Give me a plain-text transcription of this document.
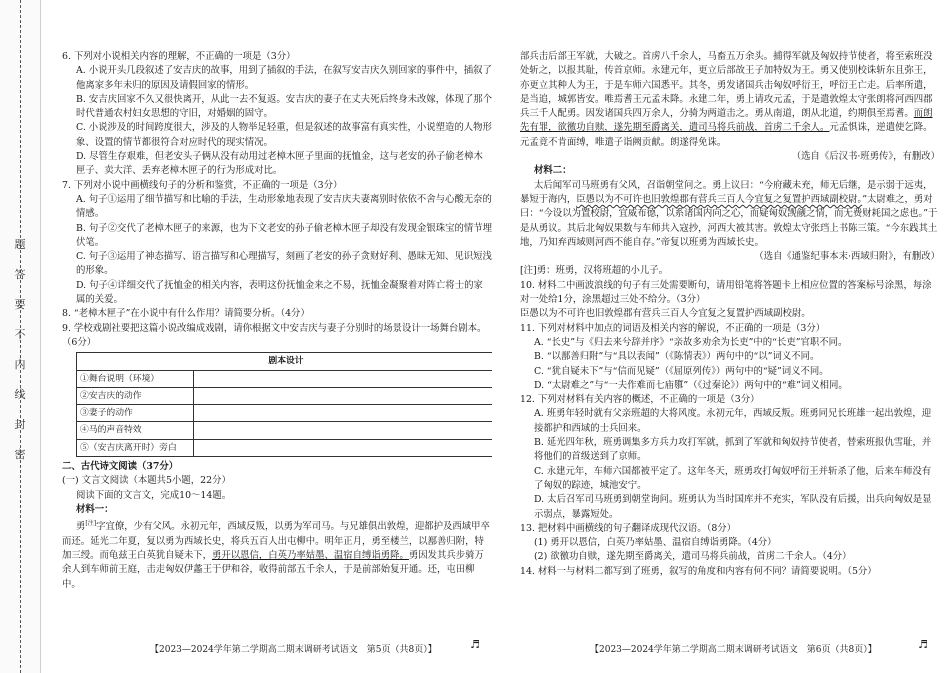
题
答
要
不
内
线
封
密

6. 下列对小说相关内容的理解，不正确的一项是（3分）

A. 小说开头几段叙述了安吉庆的故事，用到了插叙的手法，在叙写安吉庆久别回家的事件中，插叙了他离家多年未归的原因及请假回家的情形。

B. 安吉庆回家不久又很快离开，从此一去不复返。安吉庆的妻子在丈夫死后终身未改嫁，体现了那个时代普通农村妇女思想的守旧，对婚姻的固守。

C. 小说涉及的时间跨度很大，涉及的人物举足轻重，但是叙述的故事富有真实性，小说塑造的人物形象、设置的情节都很符合对应时代的现实情况。

D. 尽管生存艰难，但老安头子俩从没有动用过老樟木匣子里面的抚恤金，这与老安的孙子偷老樟木匣子、卖大洋、丢弃老樟木匣子的行为形成对比。

7. 下列对小说中画横线句子的分析和鉴赏，不正确的一项是（3分）

A. 句子①运用了细节描写和比喻的手法，生动形象地表现了安吉庆夫妻离别时依依不舍与心酸无奈的情感。

B. 句子②交代了老樟木匣子的来源，也为下文老安的孙子偷老樟木匣子却没有发现金银珠宝的情节埋伏笔。

C. 句子③运用了神态描写、语言描写和心理描写，刻画了老安的孙子贪财好利、愚昧无知、见识短浅的形象。

D. 句子④详细交代了抚恤金的相关内容，表明这份抚恤金来之不易，抚恤金凝聚着对阵亡将士的家属的关爱。

8. “老樟木匣子”在小说中有什么作用？请简要分析。（4分）

9. 学校戏剧社要把这篇小说改编成戏剧，请你根据文中安吉庆与妻子分别时的场景设计一场舞台剧本。（6分）

剧本设计	
①舞台说明（环境）	
②安吉庆的动作	
③妻子的动作	
④马的声音特效	
⑤（安吉庆离开时）旁白	

二、古代诗文阅读（37分）

(一) 文言文阅读（本题共5小题，22分）

阅读下面的文言文，完成10～14题。

材料一：

勇[注]字宜僚，少有父风。永初元年，西域反叛，以勇为军司马。与兄雄俱出敦煌，迎都护及西域甲卒而还。延光二年夏，复以勇为西域长史，将兵五百人出屯柳中。明年正月，勇至楼兰，以鄯善归附，特加三绶。而龟兹王白英犹自疑未下，勇开以恩信，白英乃率姑墨、温宿自缚诣勇降。勇因发其兵步骑万余人到车师前王庭，击走匈奴伊蠡王于伊和谷，收得前部五千余人，于是前部始复开通。还，屯田柳中。

部兵击后部王军就，大破之。首虏八千余人，马畜五万余头。捕得军就及匈奴持节使者，将至索班没处斩之，以报其耻，传首京师。永建元年，更立后部故王子加特奴为王。勇又使别校诛斩东且弥王，亦更立其种人为王，于是车师六国悉平。其冬，勇发诸国兵击匈奴呼衍王，呼衍王亡走。后率所遣，是当追，城郭皆安。唯焉耆王元孟未降。永建二年，勇上请攻元孟，于是遣敦煌太守张朗将河西四郡兵三千人配勇。因发诸国兵四万余人，分骑为两道击之。勇从南道，朗从北道，约期俱至焉耆。而朗先有罪，欲徼功自赎，遂先期至爵离关，遣司马将兵前战，首虏二千余人。元孟惧诛，逆遣使乞降。元孟竟不肯面缚，唯遣子诣阙贡献。朗遂得免诛。

（选自《后汉书·班勇传》，有删改）

材料二：

太后闻军司马班勇有父风，召诣朝堂问之。勇上议曰：“今府藏未充，师无后继，是示弱于远夷，暴短于海内，臣愚以为不可许也旧敦煌郡有营兵三百人今宜复之复置护西域副校尉。”太尉难之，勇对曰：“今设以为置校尉，宜威布德，以系诸国内向之心，而疑匈奴觊觎之情，而无费财耗国之虑也。”于是从勇议。其后北匈奴果数与车师共入寇抄，河西大被其害。敦煌太守张珰上书陈三策。“今东践其土地，乃知弃西域则河西不能自存。”帝复以班勇为西域长史。

（选自《通鉴纪事本末·西域归附》，有删改）

[注]勇：班勇，汉将班超的小儿子。

10. 材料二中画波浪线的句子有三处需要断句，请用铅笔将答题卡上相应位置的答案标号涂黑，每涂对一处给1分，涂黑超过三处不给分。（3分）

臣愚以为不可许也旧敦煌郡有营兵三百人今宜复之复置护西域副校尉。

11. 下列对材料中加点的词语及相关内容的解说，不正确的一项是（3分）

A. “长史”与《归去来兮辞并序》“亲故多劝余为长吏”中的“长吏”官职不同。

B. “以鄯善归附”与“具以表闻”（《陈情表》）两句中的“以”词义不同。

C. “犹自疑未下”与“信而见疑”（《屈原列传》）两句中的“疑”词义不同。

D. “太尉难之”与“一夫作难而七庙隳”（《过秦论》）两句中的“难”词义相同。

12. 下列对材料有关内容的概述，不正确的一项是（3分）

A. 班勇年轻时就有父亲班超的大将风度。永初元年，西域反叛。班勇同兄长班雄一起出敦煌，迎接都护和西域的士兵回来。

B. 延光四年秋，班勇调集多方兵力攻打军就，抓到了军就和匈奴持节使者，替索班报仇雪耻，并将他们的首级送到了京师。

C. 永建元年，车师六国都被平定了。这年冬天，班勇攻打匈奴呼衍王并斩杀了他，后来车师没有了匈奴的踪迹，城池安宁。

D. 太后召军司马班勇到朝堂询问。班勇认为当时国库并不充实，军队没有后援，出兵向匈奴是显示弱点，暴露短处。

13. 把材料中画横线的句子翻译成现代汉语。（8分）

(1) 勇开以恩信，白英乃率姑墨、温宿自缚诣勇降。（4分）

(2) 欲徼功自赎，遂先期至爵离关，遣司马将兵前战，首虏二千余人。（4分）

14. 材料一与材料二都写到了班勇，叙写的角度和内容有何不同？请简要说明。（5分）

【2023—2024学年第二学期高二期末调研考试语文　第5页（共8页）】	♬	【2023—2024学年第二学期高二期末调研考试语文　第6页（共8页）】	♬
